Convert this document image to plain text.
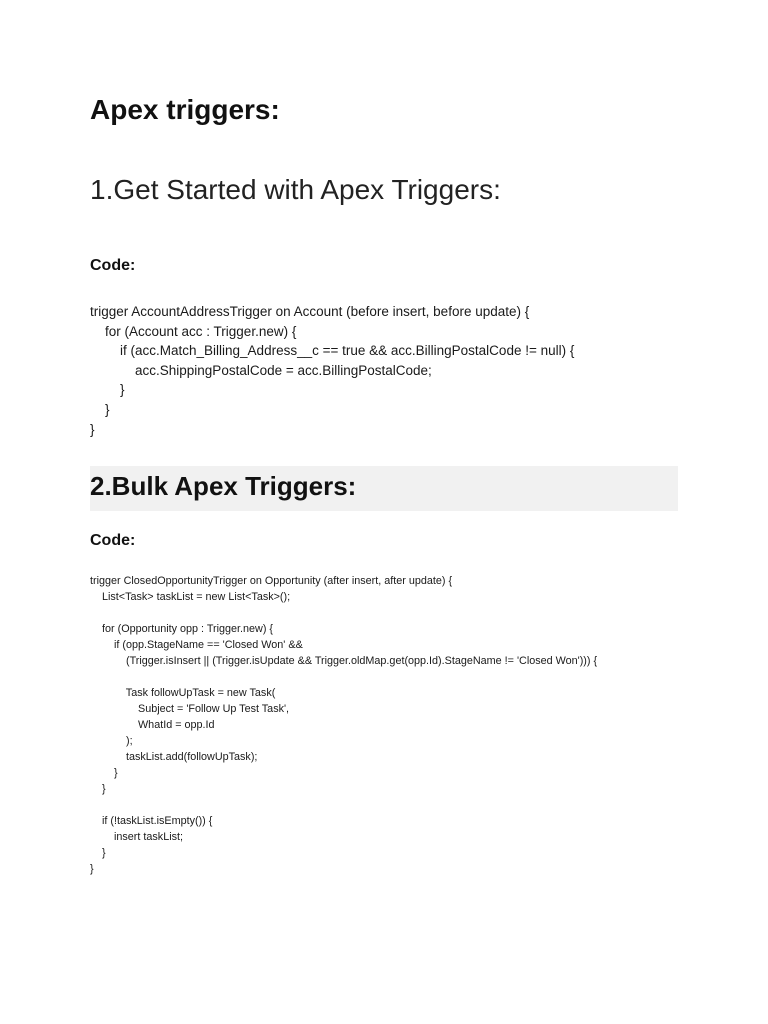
Apex triggers:
1.Get Started with Apex Triggers:
Code:
trigger AccountAddressTrigger on Account (before insert, before update) {
for (Account acc : Trigger.new) {
if (acc.Match_Billing_Address__c == true && acc.BillingPostalCode != null) {
acc.ShippingPostalCode = acc.BillingPostalCode;
}
}
}
2.Bulk Apex Triggers:
Code:
trigger ClosedOpportunityTrigger on Opportunity (after insert, after update) {
List<Task> taskList = new List<Task>();

for (Opportunity opp : Trigger.new) {
if (opp.StageName == 'Closed Won' &&
(Trigger.isInsert || (Trigger.isUpdate && Trigger.oldMap.get(opp.Id).StageName != 'Closed Won'))) {

Task followUpTask = new Task(
Subject = 'Follow Up Test Task',
WhatId = opp.Id
);
taskList.add(followUpTask);
}
}

if (!taskList.isEmpty()) {
insert taskList;
}
}
